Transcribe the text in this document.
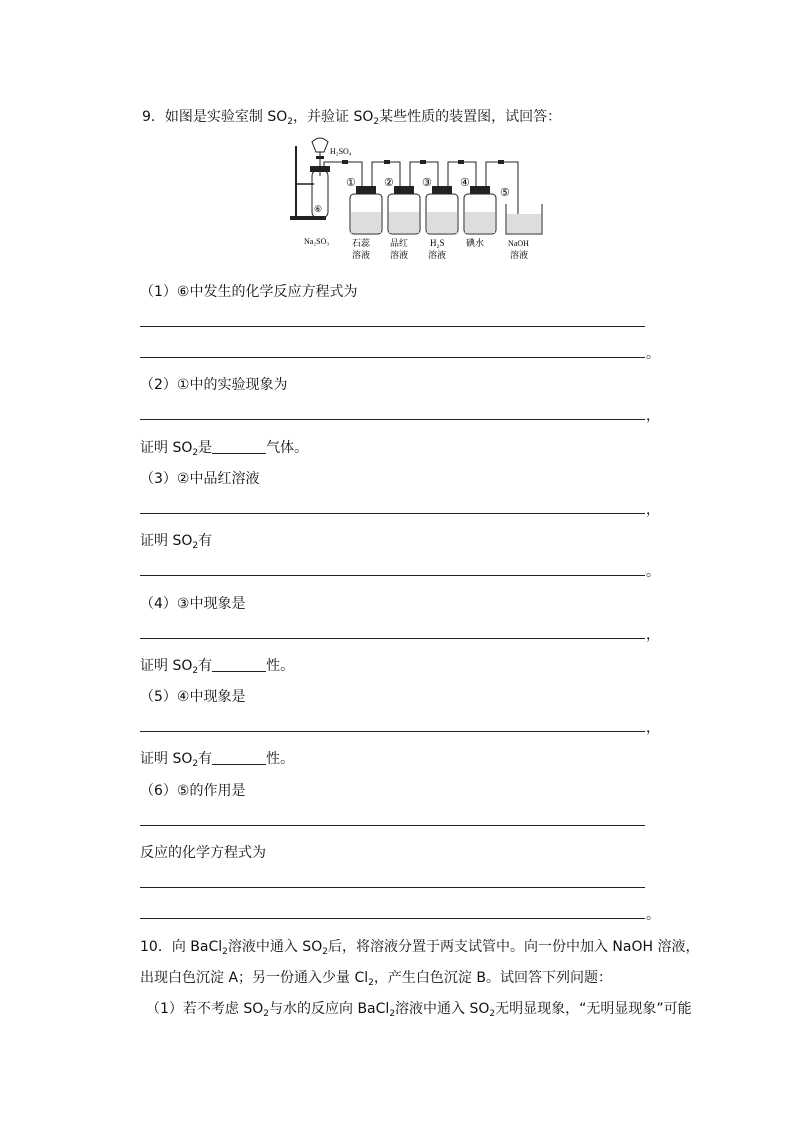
9．如图是实验室制 $SO_2$，并验证 $SO_2$某些性质的装置图，试回答：
H₂SO₄
⑥
Na₂SO₃
①
石蕊
溶液
②
品红
溶液
③
H₂S
溶液
④
碘水
⑤
NaOH
溶液
（1）⑥中发生的化学反应方程式为
。
（2）①中的实验现象为
，
证明 $SO_2$是	气体。
（3）②中品红溶液
，
证明 $SO_2$有
。
（4）③中现象是
，
证明 $SO_2$有	性。
（5）④中现象是
，
证明 $SO_2$有	性。
（6）⑤的作用是
反应的化学方程式为
。
10．向 BaCl$_2$溶液中通入 $SO_2$后，将溶液分置于两支试管中。向一份中加入 NaOH 溶液，
出现白色沉淀 A；另一份通入少量 $Cl_2$，产生白色沉淀 B。试回答下列问题：
（1）若不考虑 $SO_2$与水的反应向 BaCl$_2$溶液中通入 $SO_2$无明显现象，“无明显现象”可能
